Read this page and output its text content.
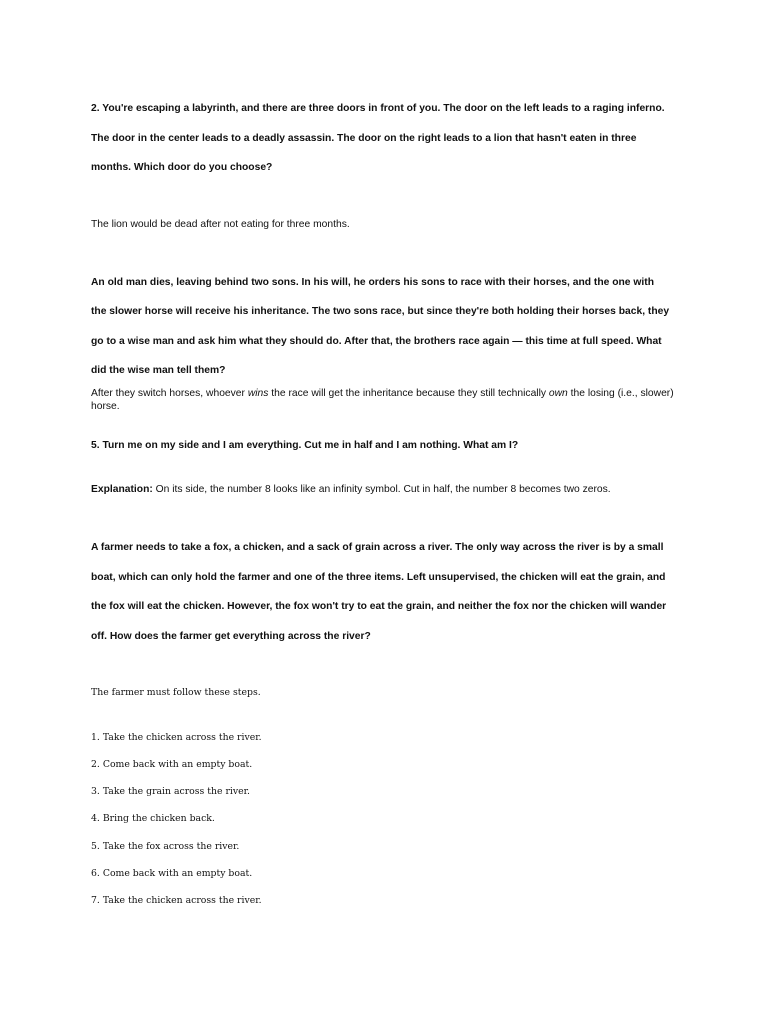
2. You're escaping a labyrinth, and there are three doors in front of you. The door on the left leads to a raging inferno.
The door in the center leads to a deadly assassin. The door on the right leads to a lion that hasn't eaten in three
months. Which door do you choose?
The lion would be dead after not eating for three months.
An old man dies, leaving behind two sons. In his will, he orders his sons to race with their horses, and the one with
the slower horse will receive his inheritance. The two sons race, but since they're both holding their horses back, they
go to a wise man and ask him what they should do. After that, the brothers race again — this time at full speed. What
did the wise man tell them?
After they switch horses, whoever wins the race will get the inheritance because they still technically own the losing (i.e., slower) horse.
5. Turn me on my side and I am everything. Cut me in half and I am nothing. What am I?
Explanation: On its side, the number 8 looks like an infinity symbol. Cut in half, the number 8 becomes two zeros.
A farmer needs to take a fox, a chicken, and a sack of grain across a river. The only way across the river is by a small
boat, which can only hold the farmer and one of the three items. Left unsupervised, the chicken will eat the grain, and
the fox will eat the chicken. However, the fox won't try to eat the grain, and neither the fox nor the chicken will wander
off. How does the farmer get everything across the river?
The farmer must follow these steps.
1. Take the chicken across the river.
2. Come back with an empty boat.
3. Take the grain across the river.
4. Bring the chicken back.
5. Take the fox across the river.
6. Come back with an empty boat.
7. Take the chicken across the river.
